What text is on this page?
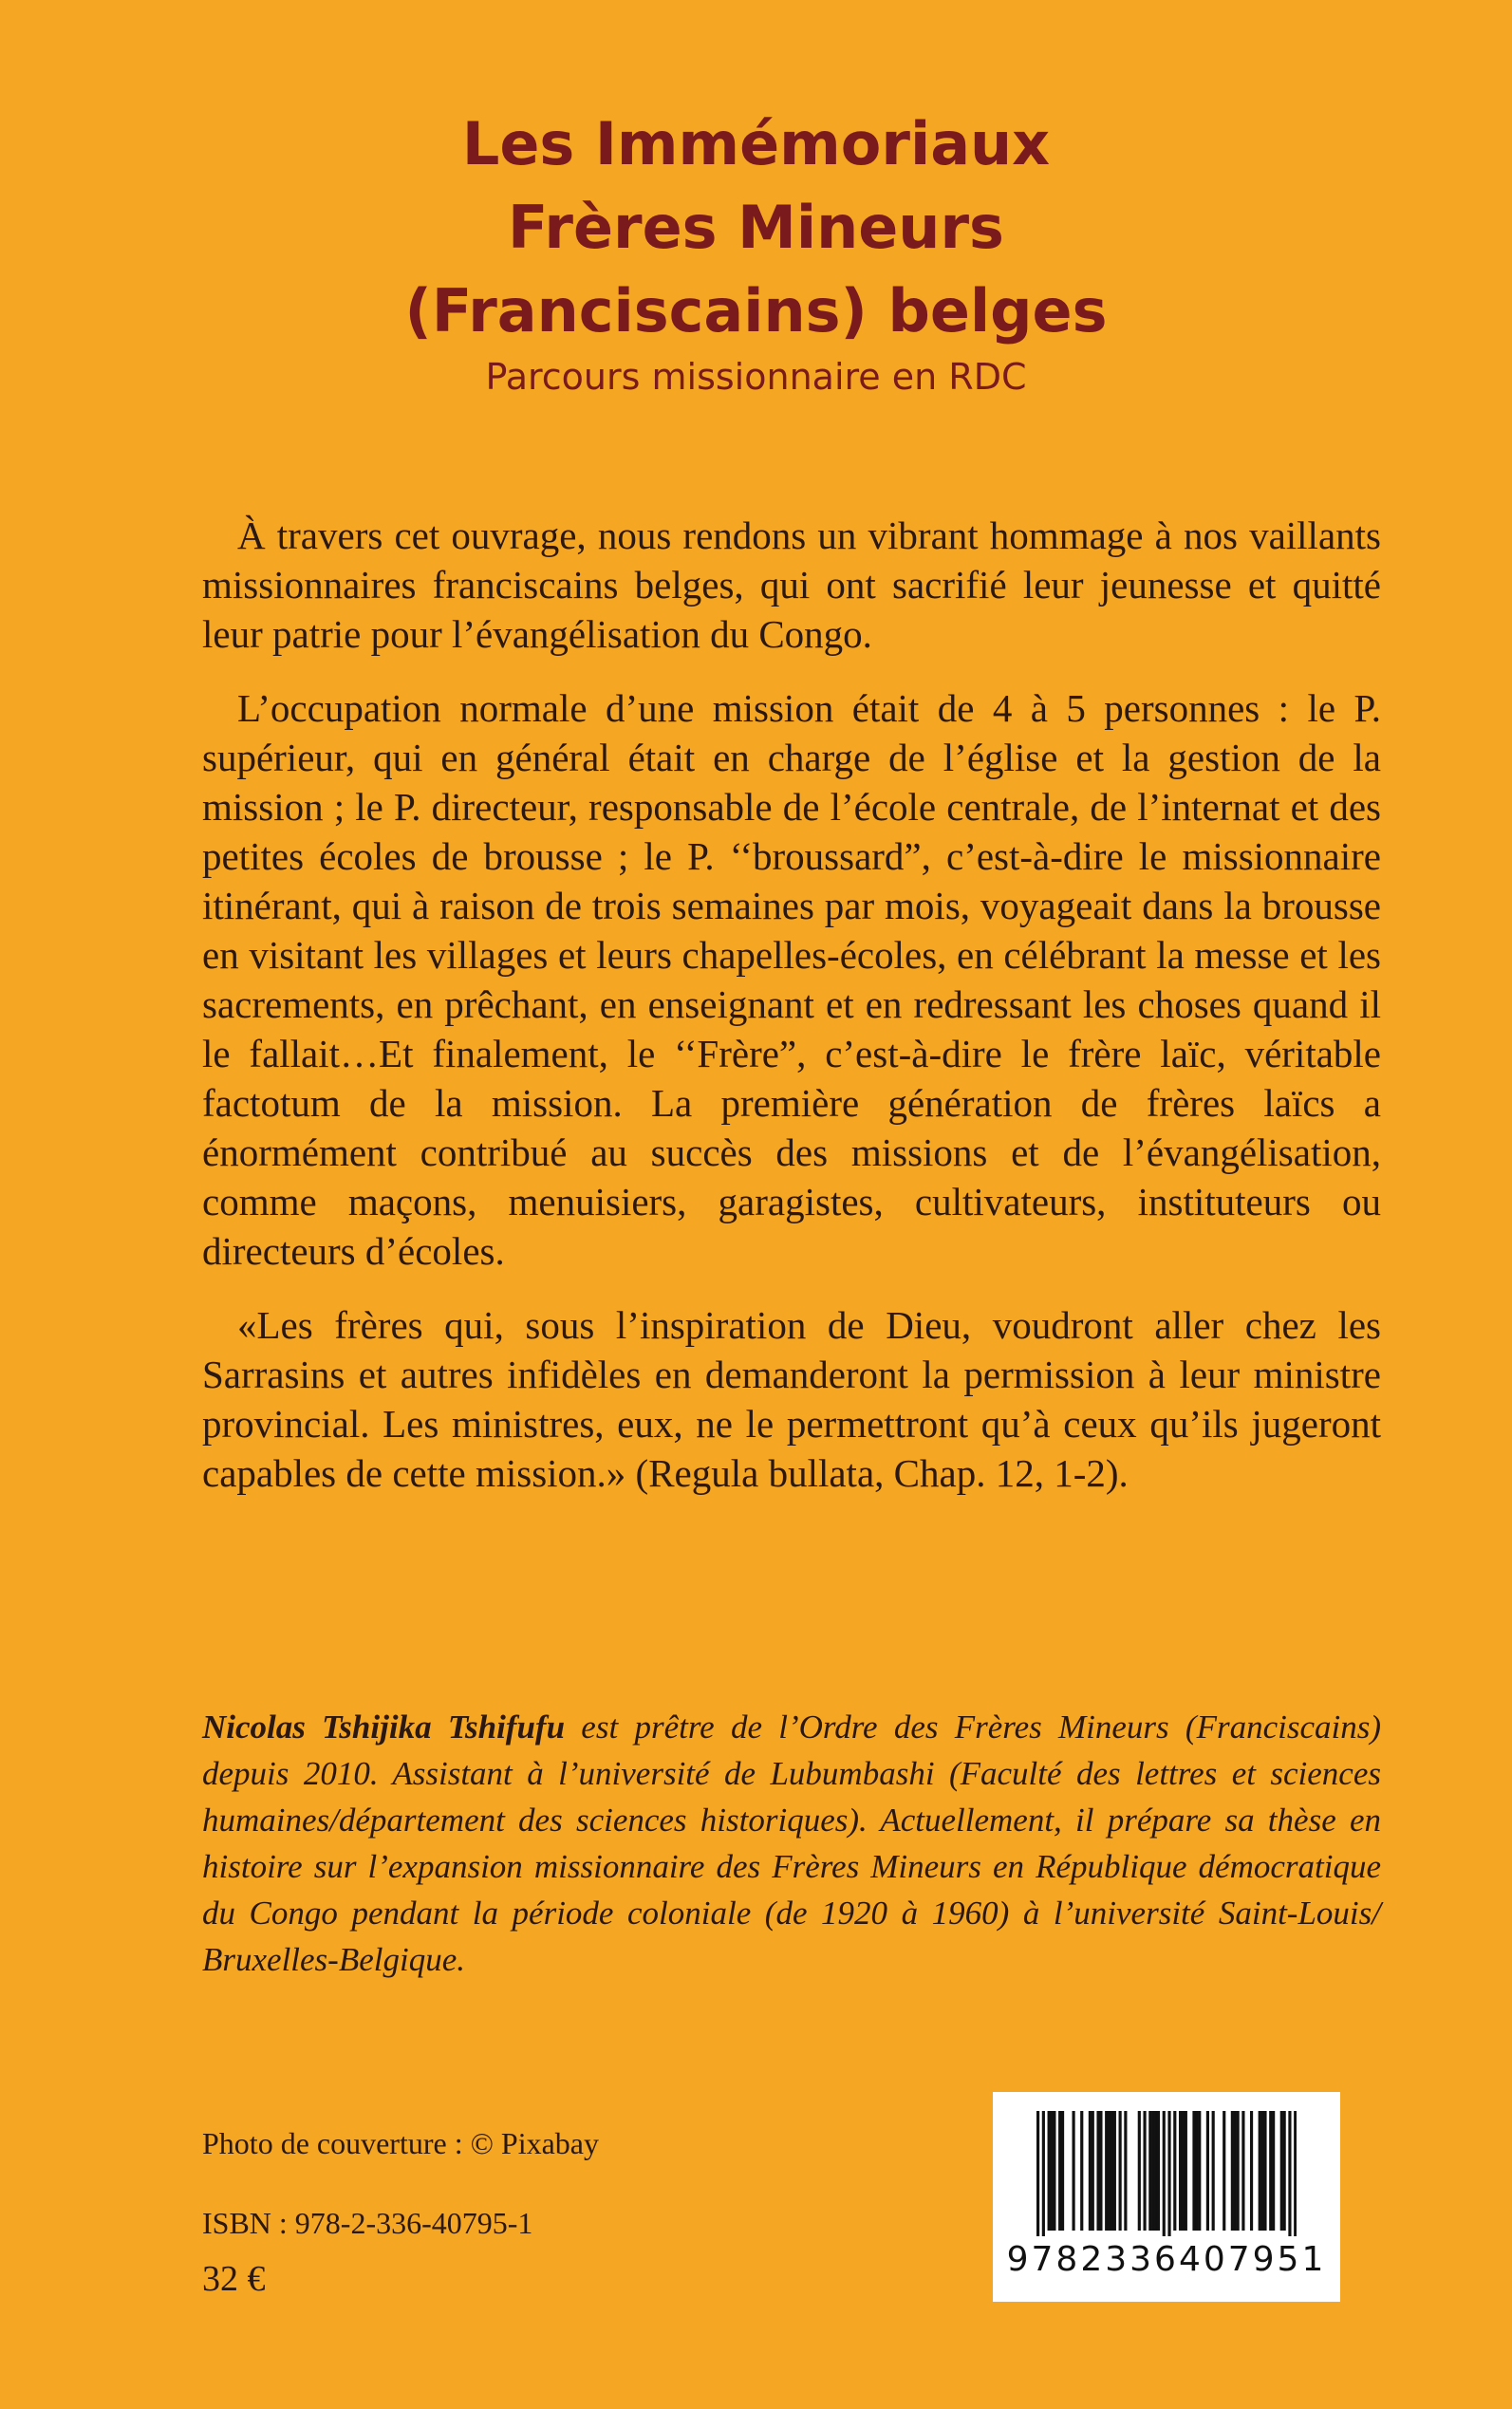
Les Immémoriaux
Frères Mineurs
(Franciscains) belges
Parcours missionnaire en RDC

À travers cet ouvrage, nous rendons un vibrant hommage à nos vaillants missionnaires franciscains belges, qui ont sacrifié leur jeunesse et quitté leur patrie pour l’évangélisation du Congo.

L’occupation normale d’une mission était de 4 à 5 personnes : le P. supérieur, qui en général était en charge de l’église et la gestion de la mission ; le P. directeur, responsable de l’école centrale, de l’internat et des petites écoles de brousse ; le P. ‘‘broussard”, c’est-à-dire le missionnaire itinérant, qui à raison de trois semaines par mois, voyageait dans la brousse en visitant les villages et leurs chapelles-écoles, en célébrant la messe et les sacrements, en prêchant, en enseignant et en redressant les choses quand il le fallait…Et finalement, le ‘‘Frère”, c’est-à-dire le frère laïc, véritable factotum de la mission. La première génération de frères laïcs a énormément contribué au succès des missions et de l’évangélisation, comme maçons, menuisiers, garagistes, cultivateurs, instituteurs ou directeurs d’écoles.

«Les frères qui, sous l’inspiration de Dieu, voudront aller chez les Sarrasins et autres infidèles en demanderont la permission à leur ministre provincial. Les ministres, eux, ne le permettront qu’à ceux qu’ils jugeront capables de cette mission.» (Regula bullata, Chap. 12, 1-2).

Nicolas Tshijika Tshifufu est prêtre de l’Ordre des Frères Mineurs (Franciscains) depuis 2010. Assistant à l’université de Lubumbashi (Faculté des lettres et sciences humaines/département des sciences historiques). Actuellement, il prépare sa thèse en histoire sur l’expansion missionnaire des Frères Mineurs en République démocratique du Congo pendant la période coloniale (de 1920 à 1960) à l’université Saint-Louis/ Bruxelles-Belgique.

Photo de couverture : © Pixabay
ISBN : 978-2-336-40795-1
32 €	9782336407951
